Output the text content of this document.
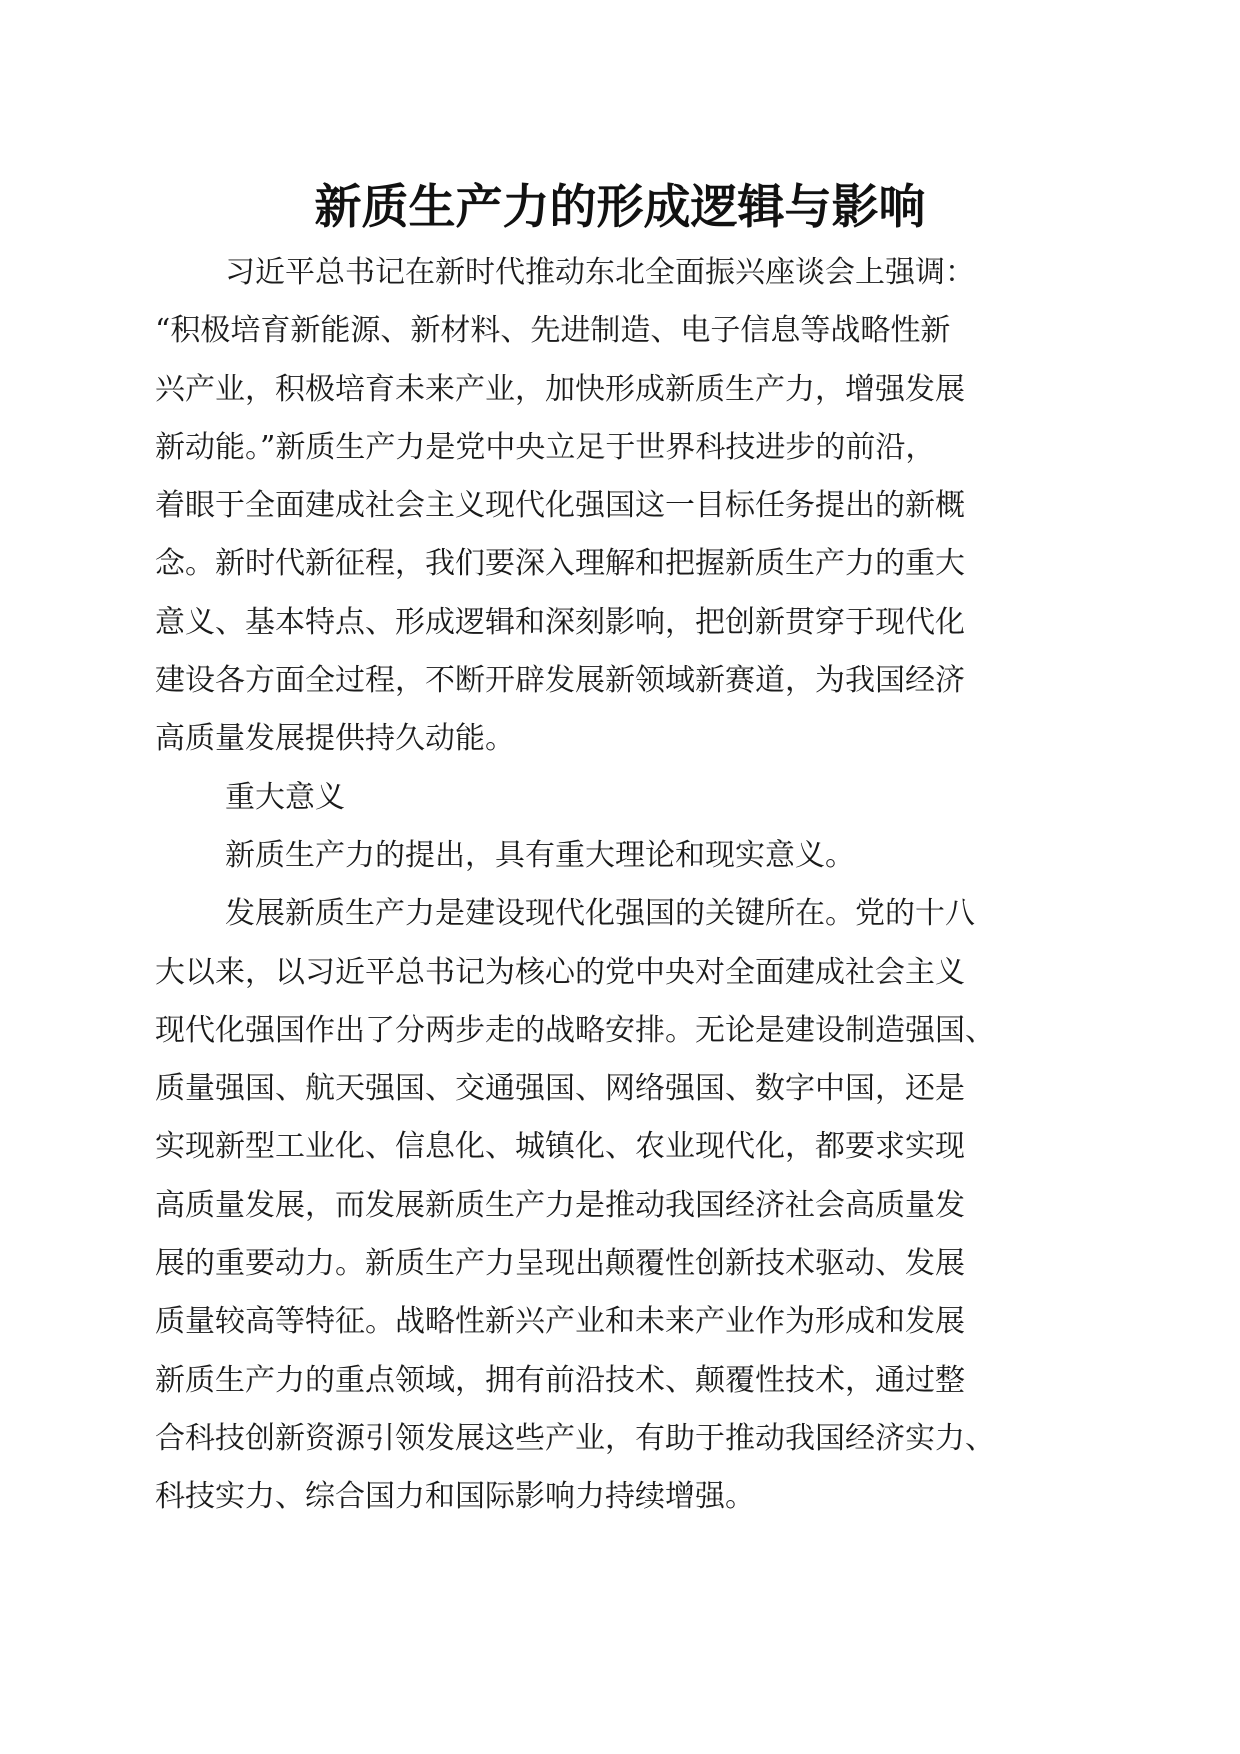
新质生产力的形成逻辑与影响
习近平总书记在新时代推动东北全面振兴座谈会上强调：
“积极培育新能源、新材料、先进制造、电子信息等战略性新
兴产业，积极培育未来产业，加快形成新质生产力，增强发展
新动能。”新质生产力是党中央立足于世界科技进步的前沿，
着眼于全面建成社会主义现代化强国这一目标任务提出的新概
念。新时代新征程，我们要深入理解和把握新质生产力的重大
意义、基本特点、形成逻辑和深刻影响，把创新贯穿于现代化
建设各方面全过程，不断开辟发展新领域新赛道，为我国经济
高质量发展提供持久动能。
重大意义
新质生产力的提出，具有重大理论和现实意义。
发展新质生产力是建设现代化强国的关键所在。党的十八
大以来，以习近平总书记为核心的党中央对全面建成社会主义
现代化强国作出了分两步走的战略安排。无论是建设制造强国、
质量强国、航天强国、交通强国、网络强国、数字中国，还是
实现新型工业化、信息化、城镇化、农业现代化，都要求实现
高质量发展，而发展新质生产力是推动我国经济社会高质量发
展的重要动力。新质生产力呈现出颠覆性创新技术驱动、发展
质量较高等特征。战略性新兴产业和未来产业作为形成和发展
新质生产力的重点领域，拥有前沿技术、颠覆性技术，通过整
合科技创新资源引领发展这些产业，有助于推动我国经济实力、
科技实力、综合国力和国际影响力持续增强。
